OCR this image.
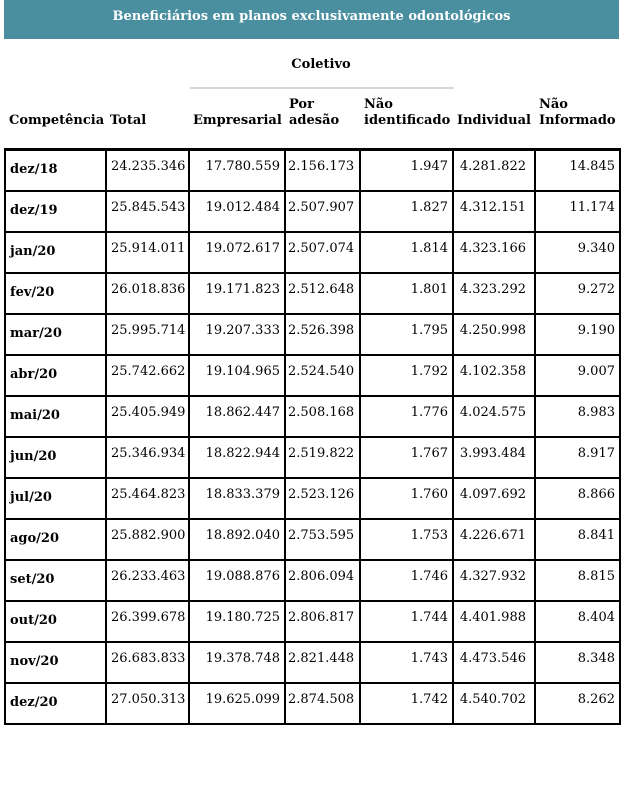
Beneficiários em planos exclusivamente odontológicos
Competência	Total	Coletivo			Individual	Não Informado
		Empresarial	Por adesão	Não identificado		
dez/18	24.235.346	17.780.559	2.156.173	1.947	4.281.822	14.845
dez/19	25.845.543	19.012.484	2.507.907	1.827	4.312.151	11.174
jan/20	25.914.011	19.072.617	2.507.074	1.814	4.323.166	9.340
fev/20	26.018.836	19.171.823	2.512.648	1.801	4.323.292	9.272
mar/20	25.995.714	19.207.333	2.526.398	1.795	4.250.998	9.190
abr/20	25.742.662	19.104.965	2.524.540	1.792	4.102.358	9.007
mai/20	25.405.949	18.862.447	2.508.168	1.776	4.024.575	8.983
jun/20	25.346.934	18.822.944	2.519.822	1.767	3.993.484	8.917
jul/20	25.464.823	18.833.379	2.523.126	1.760	4.097.692	8.866
ago/20	25.882.900	18.892.040	2.753.595	1.753	4.226.671	8.841
set/20	26.233.463	19.088.876	2.806.094	1.746	4.327.932	8.815
out/20	26.399.678	19.180.725	2.806.817	1.744	4.401.988	8.404
nov/20	26.683.833	19.378.748	2.821.448	1.743	4.473.546	8.348
dez/20	27.050.313	19.625.099	2.874.508	1.742	4.540.702	8.262
